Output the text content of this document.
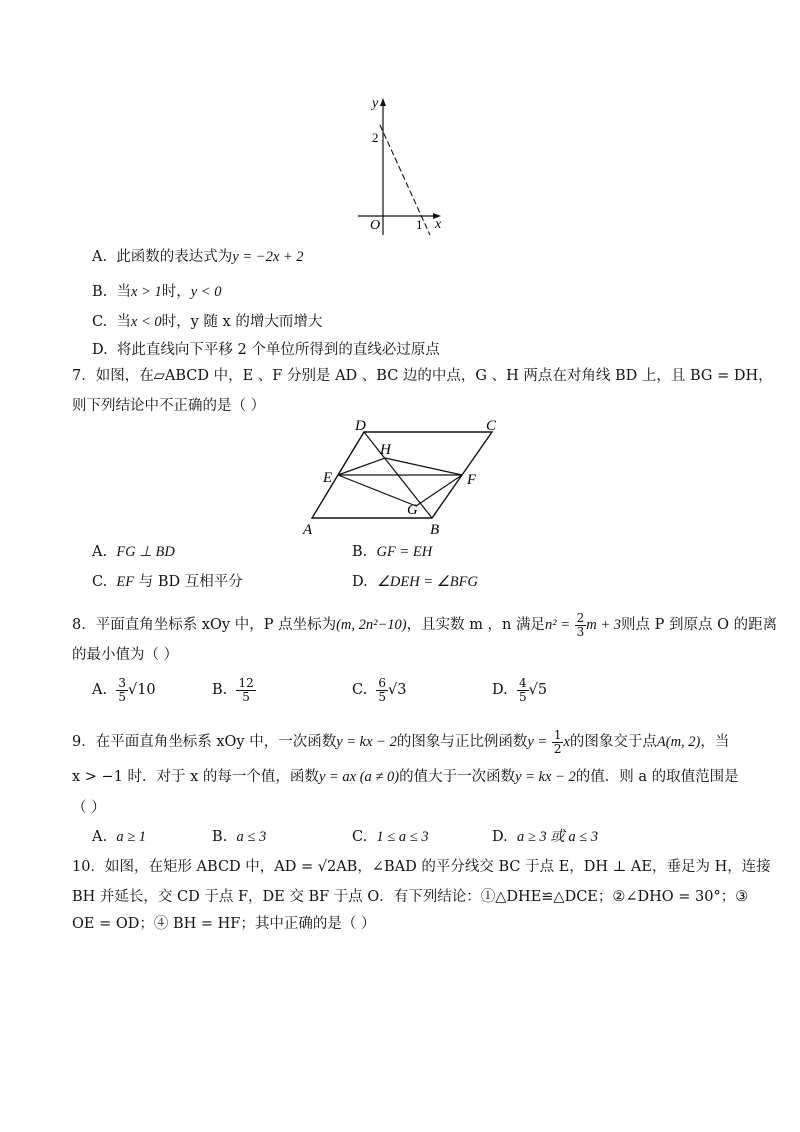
y
x
O
2
1
A. 此函数的表达式为y = −2x + 2
B. 当x > 1时，y < 0
C. 当x < 0时，y 随 x 的增大而增大
D. 将此直线向下平移 2 个单位所得到的直线必过原点
7．如图，在▱ABCD 中，E 、F 分别是 AD 、BC 边的中点，G 、H 两点在对角线 BD 上，且 BG = DH，
则下列结论中不正确的是（ ）
D	C
H
E	F
G
A	B
A. FG ⊥ BD	B. GF = EH
C. EF 与 BD 互相平分	D. ∠DEH = ∠BFG
8．平面直角坐标系 xOy 中，P 点坐标为(m, 2n²−10)，且实数 m ，n 满足$n^2 = \frac{2}{3}$ m + 3则点 P 到原点 O 的距离
的最小值为（ ）
A. $\frac{3}{5} √10$	B. $\frac{12}{5}$	C. $\frac{6}{5} √3$	D. $\frac{4}{5} √5$
9．在平面直角坐标系 xOy 中，一次函数y = kx − 2的图象与正比例函数$y = \frac{1}{2}$ x的图象交于点A(m, 2)，当
x > −1 时．对于 x 的每一个值，函数y = ax (a ≠ 0)的值大于一次函数y = kx − 2的值．则 a 的取值范围是
（ ）
A. a ≥ 1	B. a ≤ 3	C. 1 ≤ a ≤ 3	D. a ≥ 3 或 a ≤ 3
10．如图，在矩形 ABCD 中，AD = √2AB，∠BAD 的平分线交 BC 于点 E，DH ⊥ AE，垂足为 H，连接
BH 并延长，交 CD 于点 F，DE 交 BF 于点 O．有下列结论：①△DHE≌△DCE；②∠DHO = 30°；③
OE = OD；④ BH = HF；其中正确的是（ ）
